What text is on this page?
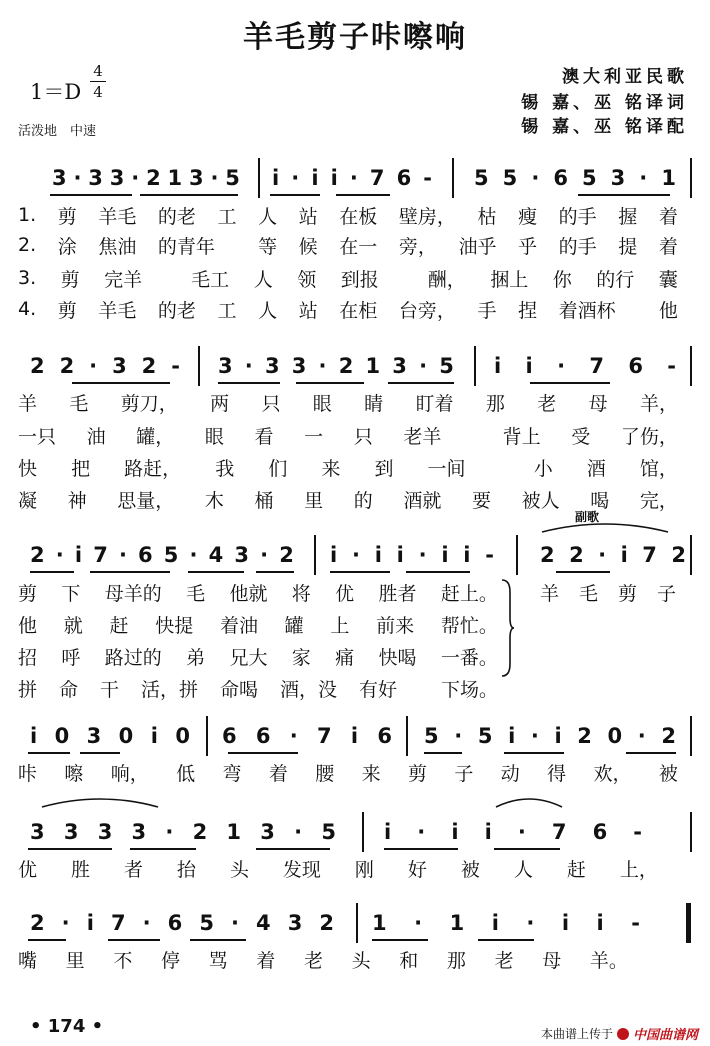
羊毛剪子咔嚓响
1＝D
4
4
活泼地　中速
澳大利亚民歌
锡 嘉、巫 铭译词
锡 嘉、巫 铭译配
3 · 3 3 · 2 1 3 · 5 i · i i · 7 6 - 5 5 · 6 5 3 · 1
1. 剪 羊毛 的老 工 人 站 在板 壁房， 枯 瘦 的手 握 着
2. 涂 焦油 的青年 等 候 在一 旁， 油乎 乎 的手 提 着
3. 剪 完羊	毛工 人 领 到报	酬， 捆上 你 的行 囊
4. 剪 羊毛 的老 工 人 站 在柜 台旁， 手 捏 着酒杯 他
2 2 · 3 2 - 3 · 3 3 · 2 1 3 · 5 i i · 7 6 -
羊 毛 剪刀， 两 只 眼 睛 盯着 那 老 母 羊，
一只 油 罐， 眼 看 一 只 老羊	背上 受 了伤，
快 把 路赶， 我 们 来 到 一间	小 酒 馆，
凝 神 思量， 木 桶 里 的 酒就 要 被人 喝 完，
2 · i 7 · 6 5 · 4 3 · 2 i · i i · i i - 2 2 · i 7 2
剪 下 母羊的 毛 他就 将 优 胜者 赶上。
他 就 赶 快提 着油 罐 上 前来 帮忙。
招 呼 路过的 弟 兄大 家 痛 快喝 一番。
拼 命 干 活，拼 命喝 酒，没 有好 下场。
羊 毛 剪 子
i 0 3 0 i 0 6 6 · 7 i 6 5 · 5 i · i 2 0 · 2
咔 嚓 响， 低 弯 着 腰 来 剪 子 动 得 欢， 被
3 3 3 3 · 2 1 3 · 5 i · i i · 7 6 -
优 胜 者 抬 头 发现 刚 好 被 人 赶 上，
2 · i 7 · 6 5 · 4 3 2 1 · 1 i · i i -
嘴 里 不 停 骂 着 老 头 和 那 老 母 羊。
副歌
• 174 •	本曲谱上传于 中国曲谱网
